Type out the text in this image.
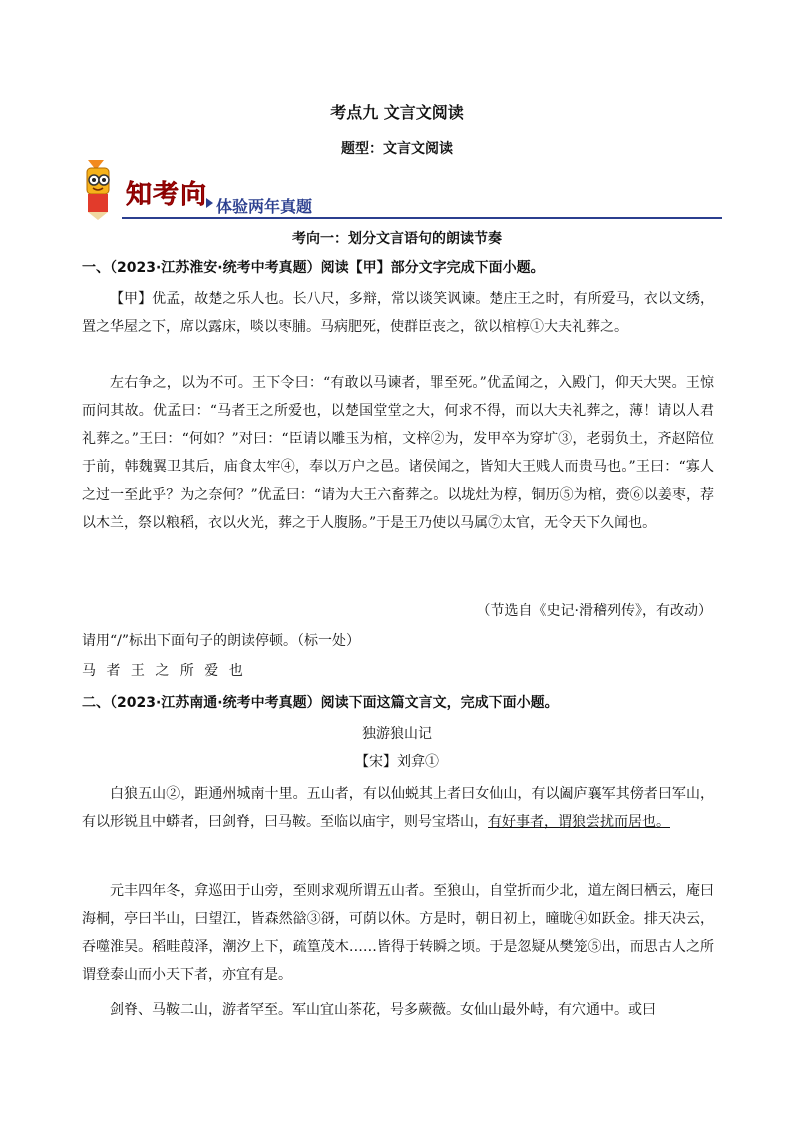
考点九 文言文阅读
题型：文言文阅读
知考向 体验两年真题
考向一：划分文言语句的朗读节奏
一、（2023·江苏淮安·统考中考真题）阅读【甲】部分文字完成下面小题。
【甲】优孟，故楚之乐人也。长八尺，多辩，常以谈笑讽谏。楚庄王之时，有所爱马，衣以文绣，置之华屋之下，席以露床，啖以枣脯。马病肥死，使群臣丧之，欲以棺椁①大夫礼葬之。
左右争之，以为不可。王下令曰：“有敢以马谏者，罪至死。”优孟闻之，入殿门，仰天大哭。王惊而问其故。优孟曰：“马者王之所爱也，以楚国堂堂之大，何求不得，而以大夫礼葬之，薄！请以人君礼葬之。”王曰：“何如？”对曰：“臣请以雕玉为棺，文梓②为，发甲卒为穿圹③，老弱负土，齐赵陪位于前，韩魏翼卫其后，庙食太牢④，奉以万户之邑。诸侯闻之，皆知大王贱人而贵马也。”王曰：“寡人之过一至此乎？为之奈何？”优孟曰：“请为大王六畜葬之。以垅灶为椁，铜历⑤为棺，赍⑥以姜枣，荐以木兰，祭以粮稻，衣以火光，葬之于人腹肠。”于是王乃使以马属⑦太官，无令天下久闻也。
（节选自《史记·滑稽列传》，有改动）
请用“/”标出下面句子的朗读停顿。（标一处）
马 者 王 之 所 爱 也
二、（2023·江苏南通·统考中考真题）阅读下面这篇文言文，完成下面小题。
独游狼山记
【宋】刘弇①
白狼五山②，距通州城南十里。五山者，有以仙蜕其上者曰女仙山，有以阖庐襄军其傍者曰军山，有以形锐且中蟒者，曰剑脊，曰马鞍。至临以庙宇，则号宝塔山，有好事者，谓狼尝扰而居也。
元丰四年冬，弇巡田于山旁，至则求观所谓五山者。至狼山，自堂折而少北，道左阁曰栖云，庵曰海桐，亭曰半山，曰望江，皆森然谽③谺，可荫以休。方是时，朝日初上，曈昽④如跃金。排天决云，吞噬淮吴。稻畦葭泽，潮汐上下，疏篁茂木……皆得于转瞬之顷。于是忽疑从樊笼⑤出，而思古人之所谓登泰山而小天下者，亦宜有是。
剑脊、马鞍二山，游者罕至。军山宜山茶花，号多蕨薇。女仙山最外峙，有穴通中。或曰
